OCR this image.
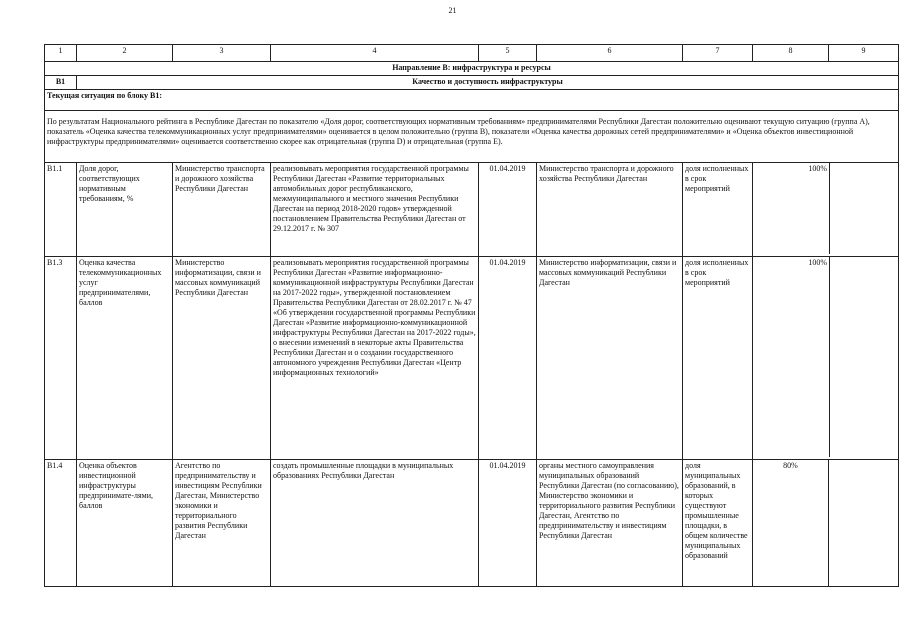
21
1	2	3	4	5	6	7	8	9
Направление В: инфраструктура и ресурсы								
В1	Качество и доступность инфраструктуры							
Текущая ситуация по блоку В1:								
По результатам Национального рейтинга в Республике Дагестан по показателю «Доля дорог, соответствующих нормативным требованиям» предпринимателями Республики Дагестан положительно оценивают текущую ситуацию (группа А), показатель «Оценка качества телекоммуникационных услуг предпринимателями» оценивается в целом положительно (группа В), показатели «Оценка качества дорожных сетей предпринимателями» и «Оценка объектов инвестиционной инфраструктуры предпринимателями» оценивается соответственно скорее как отрицательная (группа D) и отрицательная (группа Е).								
В1.1	Доля дорог, соответствующих нормативным требованиям, %	Министерство транспорта и дорожного хозяйства Республики Дагестан	реализовывать мероприятия государственной программы Республики Дагестан «Развитие территориальных автомобильных дорог республиканского, межмуниципального и местного значения Республики Дагестан на период 2018-2020 годов» утвержденной постановлением Правительства Республики Дагестан от 29.12.2017 г. № 307	01.04.2019	Министерство транспорта и дорожного хозяйства Республики Дагестан	доля исполненных в срок мероприятий	100%	

В1.3	Оценка качества телекоммуникационных услуг предпринимателями, баллов	Министерство информатизации, связи и массовых коммуникаций Республики Дагестан	реализовывать мероприятия государственной программы Республики Дагестан «Развитие информационно-коммуникационной инфраструктуры Республики Дагестан на 2017-2022 годы», утвержденной постановлением Правительства Республики Дагестан от 28.02.2017 г. № 47 «Об утверждении государственной программы Республики Дагестан «Развитие информационно-коммуникационной инфраструктуры Республики Дагестан на 2017-2022 годы», о внесении изменений в некоторые акты Правительства Республики Дагестан и о создании государственного автономного учреждения Республики Дагестан «Центр информационных технологий»	01.04.2019	Министерство информатизации, связи и массовых коммуникаций Республики Дагестан	доля исполненных в срок мероприятий	100%	

В1.4	Оценка объектов инвестиционной инфраструктуры предприниматe-лями, баллов	Агентство по предпринимательству и инвестициям Республики Дагестан, Министерство экономики и территориального развития Республики Дагестан	создать промышленные площадки в муниципальных образованиях Республики Дагестан	01.04.2019	органы местного самоуправления муниципальных образований Республики Дагестан (по согласованию), Министерство экономики и территориального развития Республики Дагестан, Агентство по предпринимательству и инвестициям Республики Дагестан	доля муниципальных образований, в которых существуют промышленные площадки, в общем количестве муниципальных образований	80%	
